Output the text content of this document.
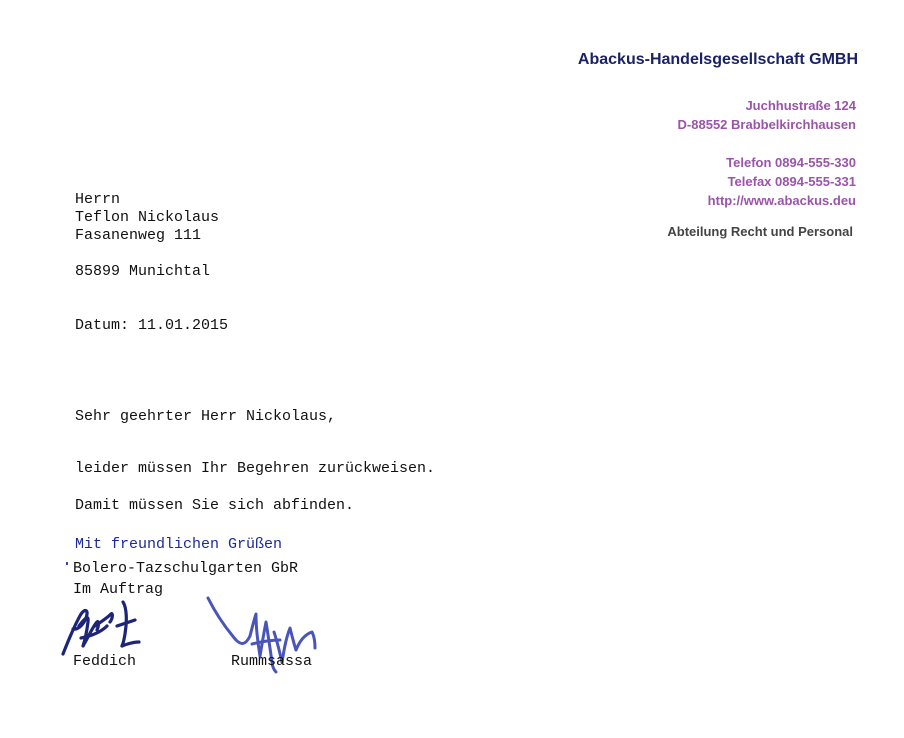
Abackus-Handelsgesellschaft GMBH
Juchhustraße 124
D-88552 Brabbelkirchhausen
Telefon 0894-555-330
Telefax 0894-555-331
http://www.abackus.deu
Abteilung Recht und Personal
Herrn
Teflon Nickolaus
Fasanenweg 111
85899 Munichtal
Datum: 11.01.2015
Sehr geehrter Herr Nickolaus,
leider müssen Ihr Begehren zurückweisen.
Damit müssen Sie sich abfinden.
Mit freundlichen Grüßen
Bolero-Tazschulgarten GbR
Im Auftrag
Feddich	Rummsassa
